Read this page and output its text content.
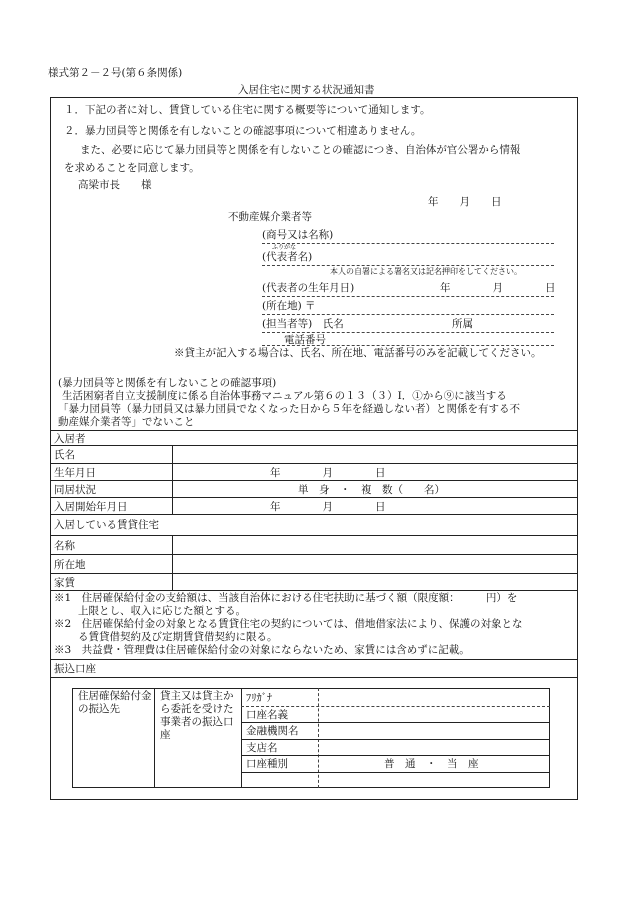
様式第２－２号(第６条関係)
入居住宅に関する状況通知書
１．下記の者に対し、賃貸している住宅に関する概要等について通知します。
２．暴力団員等と関係を有しないことの確認事項について相違ありません。
また、必要に応じて暴力団員等と関係を有しないことの確認につき、自治体が官公署から情報
を求めることを同意します。
高梁市長　　様
年　　月　　日
不動産媒介業者等
(商号又は名称)
ふりがな
(代表者名)
本人の自署による署名又は記名押印をしてください。
(代表者の生年月日)	年　　　　月　　　　日
(所在地) 〒
(担当者等)　氏名	所属
電話番号
※貸主が記入する場合は、氏名、所在地、電話番号のみを記載してください。
(暴力団員等と関係を有しないことの確認事項)
生活困窮者自立支援制度に係る自治体事務マニュアル第６の１３（３）Ⅰ．①から⑨に該当する
「暴力団員等（暴力団員又は暴力団員でなくなった日から５年を経過しない者）と関係を有する不
動産媒介業者等」でないこと
入居者
氏名
生年月日	年　　　　月　　　　日
同居状況	単　身　・　複　数（　　名）
入居開始年月日	年　　　　月　　　　日
入居している賃貸住宅
名称
所在地
家賃
※1　住居確保給付金の支給額は、当該自治体における住宅扶助に基づく額（限度額：　　　円）を
上限とし、収入に応じた額とする。
※2　住居確保給付金の対象となる賃貸住宅の契約については、借地借家法により、保護の対象とな
る賃貸借契約及び定期賃貸借契約に限る。
※3　共益費・管理費は住居確保給付金の対象にならないため、家賃には含めずに記載。
振込口座
住居確保給付金の振込先
貸主又は貸主から委託を受けた事業者の振込口座
ﾌﾘｶﾞﾅ
口座名義
金融機関名
支店名
口座種別	普　通　・　当　座
